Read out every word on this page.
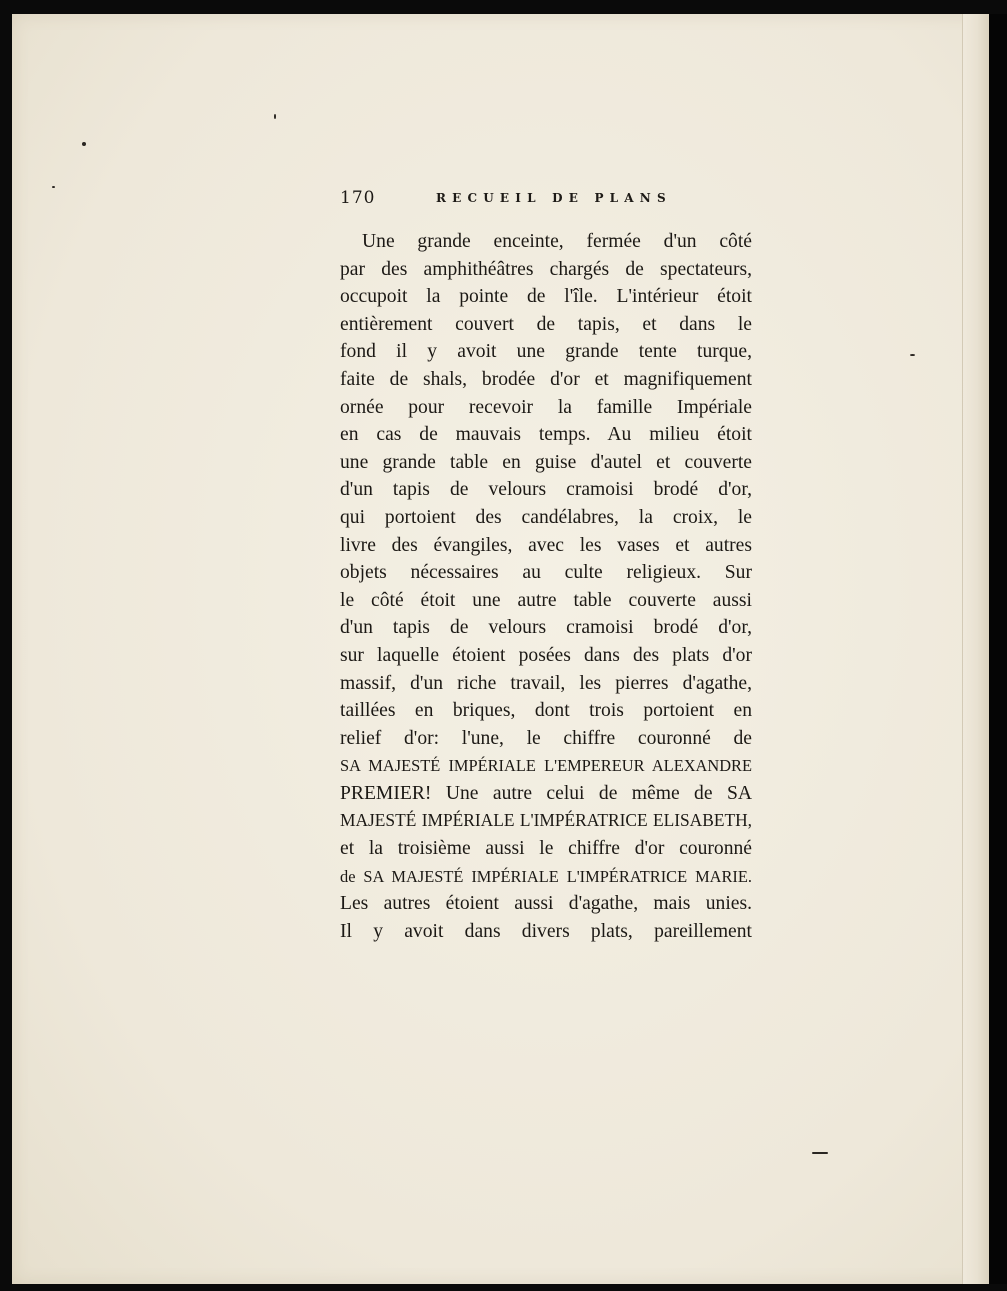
170	RECUEIL DE PLANS
Une grande enceinte, fermée d'un côté
par des amphithéâtres chargés de spectateurs,
occupoit la pointe de l'île. L'intérieur étoit
entièrement couvert de tapis, et dans le
fond il y avoit une grande tente turque,
faite de shals, brodée d'or et magnifiquement
ornée pour recevoir la famille Impériale
en cas de mauvais temps. Au milieu étoit
une grande table en guise d'autel et couverte
d'un tapis de velours cramoisi brodé d'or,
qui portoient des candélabres, la croix, le
livre des évangiles, avec les vases et autres
objets nécessaires au culte religieux. Sur
le côté étoit une autre table couverte aussi
d'un tapis de velours cramoisi brodé d'or,
sur laquelle étoient posées dans des plats d'or
massif, d'un riche travail, les pierres d'agathe,
taillées en briques, dont trois portoient en
relief d'or: l'une, le chiffre couronné de
SA MAJESTÉ IMPÉRIALE L'EMPEREUR ALEXANDRE
PREMIER! Une autre celui de même de SA
MAJESTÉ IMPÉRIALE L'IMPÉRATRICE ELISABETH,
et la troisième aussi le chiffre d'or couronné
de SA MAJESTÉ IMPÉRIALE L'IMPÉRATRICE MARIE.
Les autres étoient aussi d'agathe, mais unies.
Il y avoit dans divers plats, pareillement
